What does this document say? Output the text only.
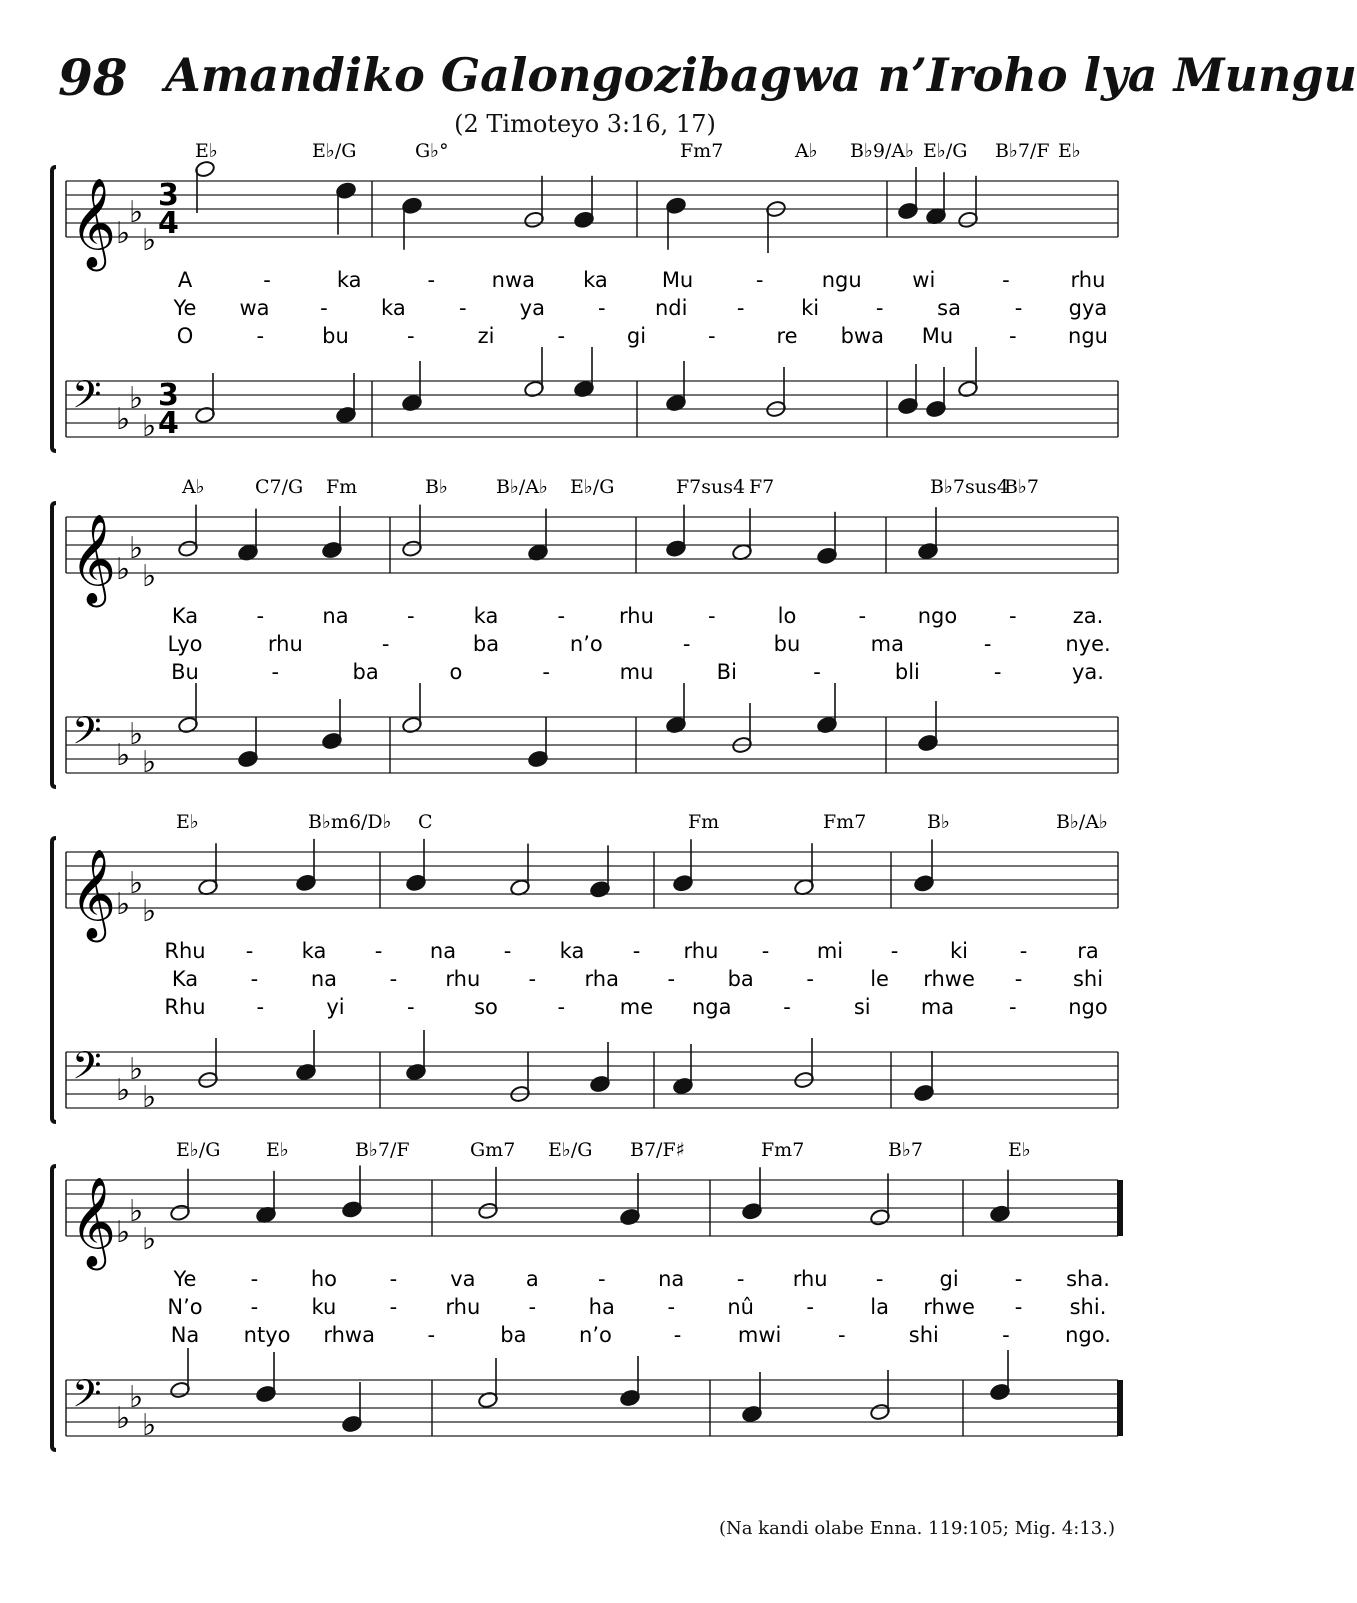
98 Amandiko Galongozibagwa n’Iroho lya Mungu
(2 Timoteyo 3:16, 17)
𝄞
𝄢
♭
♭
♭
♭
♭
♭
3
4
3
4
E♭	E♭/G	G♭°	Fm7	A♭ B♭9/A♭ E♭/G B♭7/F E♭
A	-	ka	-	nwa ka	Mu	-	ngu wi	-	rhu
Ye wa -	ka	-	ya	- ndi -	ki	-	sa	- gya
O	-	bu	-	zi	-	gi	-	re bwa Mu	- ngu
𝄞
𝄢
♭
♭
♭
♭
♭
♭
A♭	C7/G Fm	B♭	B♭/A♭ E♭/G	F7sus4 F7	B♭7sus4
B♭7
Ka	-	na	-	ka	-	rhu	-	lo	- ngo -	za.
Lyo	rhu	-	ba	n’o	-	bu	ma	-	nye.
Bu	-	ba	o	-	mu	Bi	-	bli	-	ya.
𝄞
𝄢
♭
♭
♭
♭
♭
♭
E♭	B♭m6/D♭ C	Fm	Fm7	B♭	B♭/A♭
Rhu - ka - na - ka - rhu - mi - ki - ra
Ka	-	na	- rhu - rha -	ba	-	le rhwe - shi
Rhu -	yi	-	so	-	me nga -	si ma	- ngo
𝄞
𝄢
♭
♭
♭
♭
♭
♭
E♭/G E♭	B♭7/F	Gm7 E♭/G B7/F♯	Fm7	B♭7	E♭
Ye	-	ho	-	va a	-	na	- rhu -	gi	- sha.
N’o -	ku	- rhu -	ha	- nû -	la rhwe - shi.
Na ntyo rhwa -	ba	n’o	-	mwi	-	shi	-	ngo.
(Na kandi olabe Enna. 119:105; Mig. 4:13.)
